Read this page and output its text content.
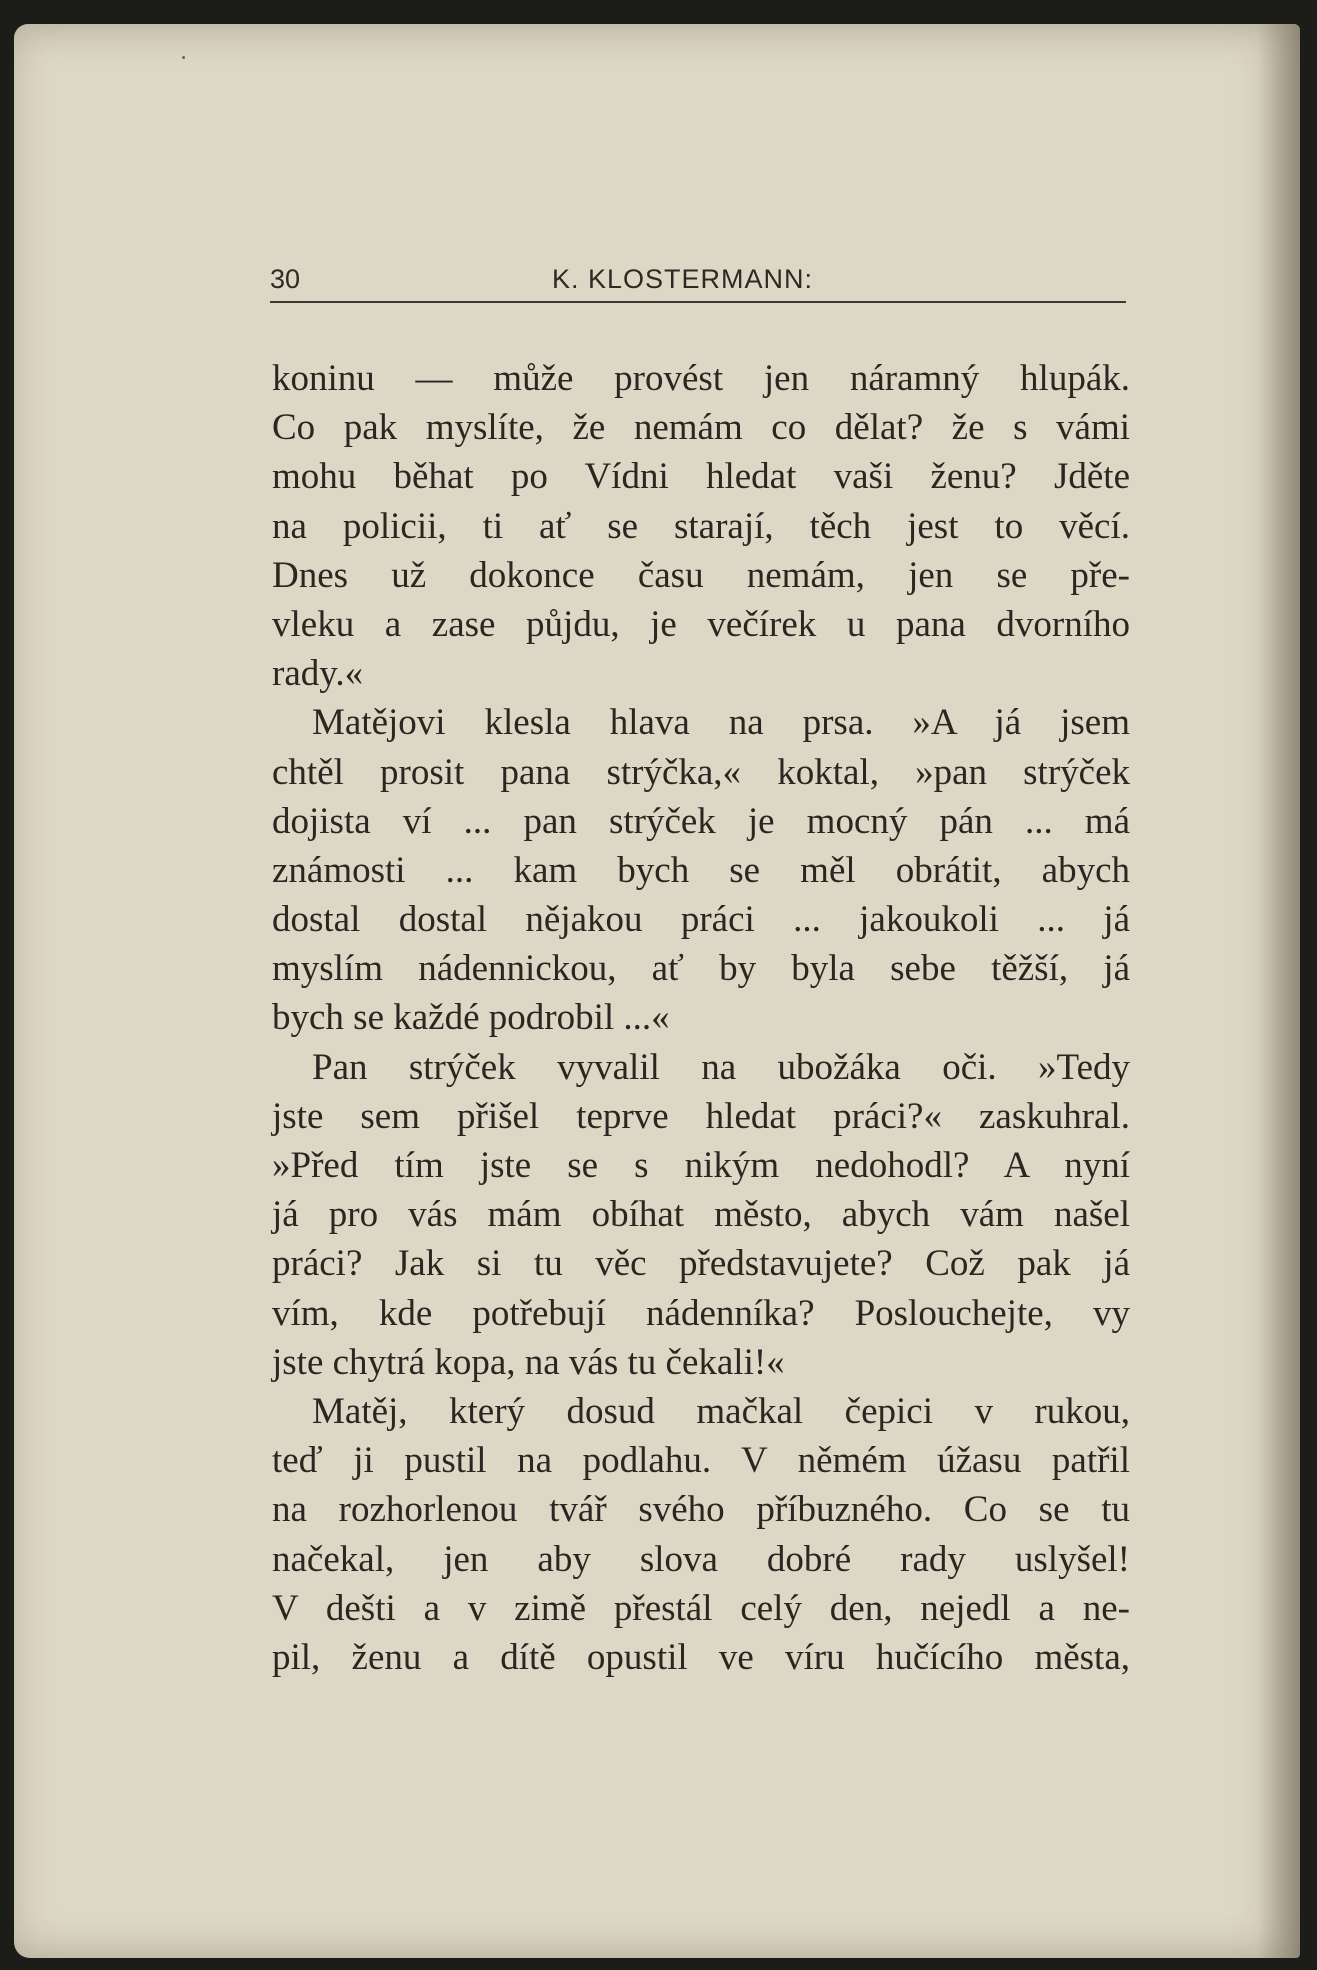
30	K. KLOSTERMANN:
koninu — může provést jen náramný hlupák.
Co pak myslíte, že nemám co dělat? že s vámi
mohu běhat po Vídni hledat vaši ženu? Jděte
na policii, ti ať se starají, těch jest to věcí.
Dnes už dokonce času nemám, jen se pře-
vleku a zase půjdu, je večírek u pana dvorního
rady.«
Matějovi klesla hlava na prsa. »A já jsem
chtěl prosit pana strýčka,« koktal, »pan strýček
dojista ví ... pan strýček je mocný pán ... má
známosti ... kam bych se měl obrátit, abych
dostal dostal nějakou práci ... jakoukoli ... já
myslím nádennickou, ať by byla sebe těžší, já
bych se každé podrobil ...«
Pan strýček vyvalil na ubožáka oči. »Tedy
jste sem přišel teprve hledat práci?« zaskuhral.
»Před tím jste se s nikým nedohodl? A nyní
já pro vás mám obíhat město, abych vám našel
práci? Jak si tu věc představujete? Což pak já
vím, kde potřebují nádenníka? Poslouchejte, vy
jste chytrá kopa, na vás tu čekali!«
Matěj, který dosud mačkal čepici v rukou,
teď ji pustil na podlahu. V němém úžasu patřil
na rozhorlenou tvář svého příbuzného. Co se tu
načekal, jen aby slova dobré rady uslyšel!
V dešti a v zimě přestál celý den, nejedl a ne-
pil, ženu a dítě opustil ve víru hučícího města,
